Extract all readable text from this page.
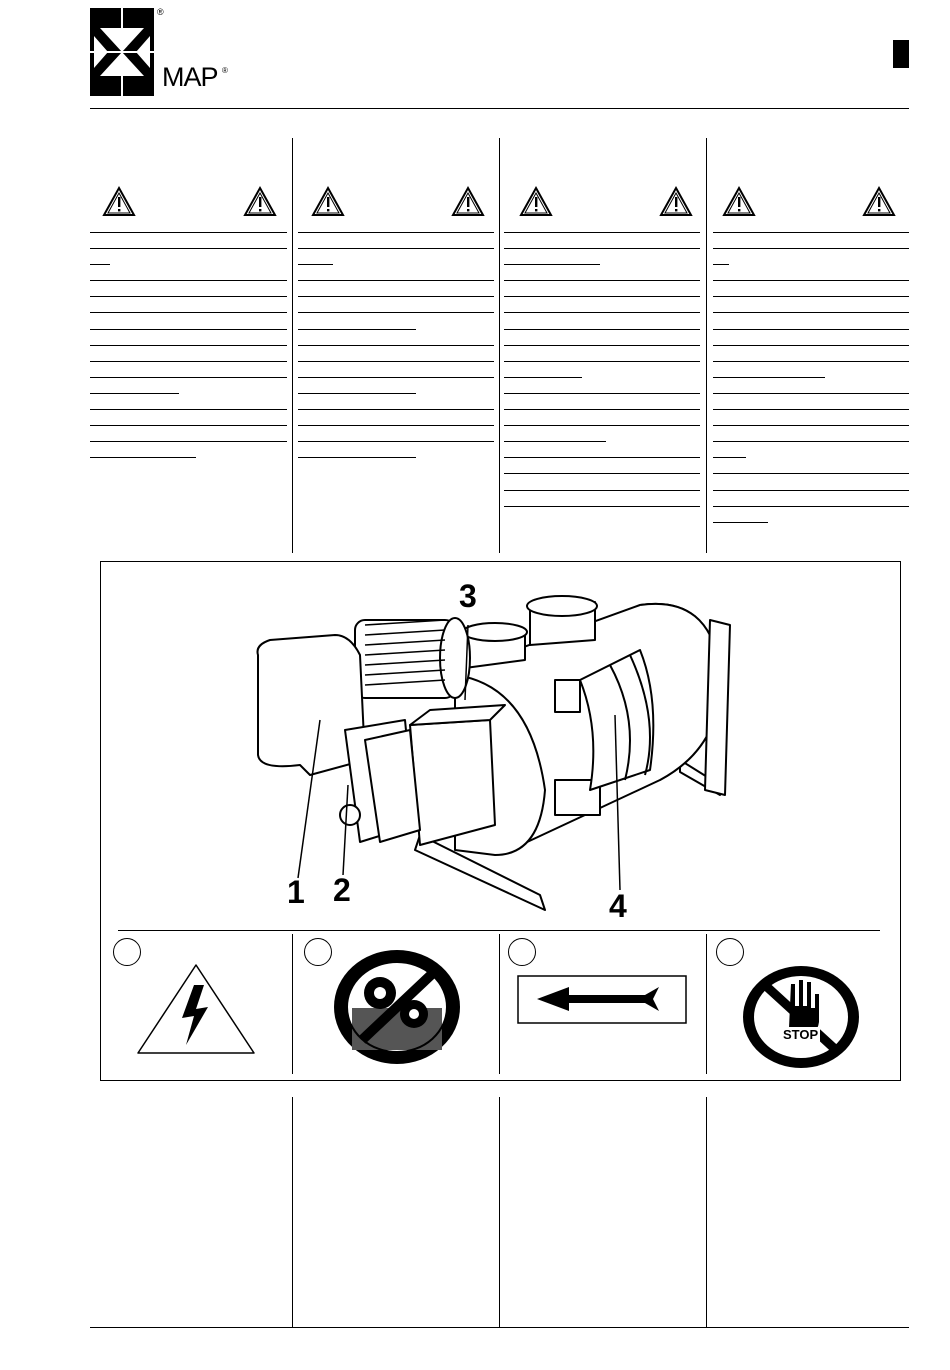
®
MAP ®
1 2
3
4
STOP
